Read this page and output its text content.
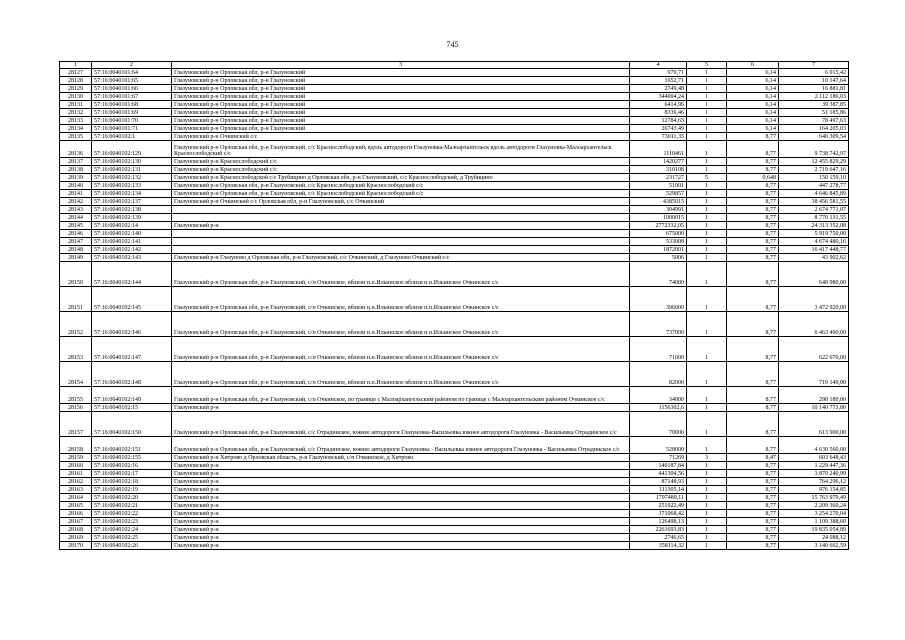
745
1	2	3	4	5	6	7
28127	57:16:0040101:64	Глазуновский р-н Орловская обл, р-н Глазуновский	979,71	1	6,14	6 015,42
28128	57:16:0040101:65	Глазуновский р-н Орловская обл, р-н Глазуновский	1652,71	1	6,14	10 147,64
28129	57:16:0040101:66	Глазуновский р-н Орловская обл, р-н Глазуновский	2749,48	1	6,14	16 881,81
28130	57:16:0040101:67	Глазуновский р-н Орловская обл, р-н Глазуновский	344004,24	1	6,14	2 112 186,03
28131	57:16:0040101:68	Глазуновский р-н Орловская обл, р-н Глазуновский	6414,96	1	6,14	39 387,85
28132	57:16:0040101:69	Глазуновский р-н Орловская обл, р-н Глазуновский	8336,46	1	6,14	51 185,86
28133	57:16:0040101:70	Глазуновский р-н Орловская обл, р-н Глазуновский	12784,63	1	6,14	78 497,63
28134	57:16:0040101:71	Глазуновский р-н Орловская обл, р-н Глазуновский	26743,49	1	6,14	164 205,03
28135	57:16:0040102:1	Глазуновский р-н Очкинский с/с	73011,35	1	8,77	640 309,54
28136	57:16:0040102:129	Глазуновский р-н Орловская обл, р-н Глазуновский, с/с Краснослободский, вдоль автодороги Глазуновка-Малоархангельск вдоль автодороги Глазуновка-Малоархангельск Краснослободский с/с	1110461	1	8,77	9 738 742,97
28137	57:16:0040102:130	Глазуновский р-н Краснослободский с/с	1420277	1	8,77	12 455 829,29
28138	57:16:0040102:131	Глазуновский р-н Краснослободский с/с	310108	1	8,77	2 719 647,16
28139	57:16:0040102:132	Глазуновский р-н Краснослободской с/с Трубицино д Орловская обл, р-н Глазуновский, с/с Краснослободский, д Трубицино	231727	5	0,648	150 159,10
28140	57:16:0040102:133	Глазуновский р-н Орловская обл, р-н Глазуновский, с/с Краснослободский Краснослободский с/с	51001	1	8,77	447 278,77
28141	57:16:0040102:134	Глазуновский р-н Орловская обл, р-н Глазуновский, с/с Краснослободский Краснослободский с/с	529857	1	8,77	4 646 845,89
28142	57:16:0040102:137	Глазуновский р-н Очкинский с/с Орловская обл, р-н Глазуновский, с/с Очкинский	4385015	1	8,77	38 456 581,55
28143	57:16:0040102:138		304991	1	8,77	2 674 771,07
28144	57:16:0040102:139		1000015	1	8,77	8 770 131,55
28145	57:16:0040102:14	Глазуновский р-н	2772332,05	1	8,77	24 313 352,08
28146	57:16:0040102:140		675000	1	8,77	5 919 750,00
28147	57:16:0040102:141		533008	1	8,77	4 674 480,16
28148	57:16:0040102:142		1872001	1	8,77	16 417 448,77
28149	57:16:0040102:143	Глазуновский р-н Глазуново д Орловская обл, р-н Глазуновский, с/с Очкинский, д Глазуново Очкинский с/с	5006	1	8,77	43 902,62
28150	57:16:0040102:144	Глазуновский р-н Орловская обл, р-н Глазуновский, с/п Очкинское, вблизи н.п.Ильинское вблизи н.п.Ильинское Очкинское с/с	74000	1	8,77	648 980,00
28151	57:16:0040102:145	Глазуновский р-н Орловская обл, р-н Глазуновский, с/п Очкинское, вблизи н.п.Ильинское вблизи н.п.Ильинское Очкинское с/с	396000	1	8,77	3 472 920,00
28152	57:16:0040102:146	Глазуновский р-н Орловская обл, р-н Глазуновский, с/п Очкинское, вблизи н.п.Ильинское вблизи н.п.Ильинское Очкинское с/с	737000	1	8,77	6 463 490,00
28153	57:16:0040102:147	Глазуновский р-н Орловская обл, р-н Глазуновский, с/п Очкинское, вблизи н.п.Ильинское вблизи н.п.Ильинское Очкинское с/с	71000	1	8,77	622 670,00
28154	57:16:0040102:148	Глазуновский р-н Орловская обл, р-н Глазуновский, с/п Очкинское, вблизи н.п.Ильинское вблизи н.п.Ильинское Очкинское с/с	82000	1	8,77	719 140,00
28155	57:16:0040102:149	Глазуновский р-н Орловская обл, р-н Глазуновский, с/п Очкинское, по границе с Малоархангельским районом по границе с Малоархангельским районом Очкинское с/с	34000	1	8,77	298 180,00
28156	57:16:0040102:15	Глазуновский р-н	1156302,6	1	8,77	10 140 773,80
28157	57:16:0040102:150	Глазуновский р-н Орловская обл, р-н Глазуновский, с/с Отрадинское, южнее автодороги Глазуновка-Васильевка южнее автодороги Глазуновка - Васильевка Отрадинское с/с	70000	1	8,77	613 900,00
28158	57:16:0040102:151	Глазуновский р-н Орловская обл, р-н Глазуновский, с/с Отрадинское, южнее автодороги Глазуновка - Васильевка южнее автодороги Глазуновка - Васильевка Отрадинское с/с	528000	1	8,77	4 630 560,00
28159	57:16:0040102:155	Глазуновский р-н Хитрово д Орловская область, р-н Глазуновский, с/п Очкинское, д Хитрово	71269	3	8,47	603 648,43
28160	57:16:0040102:16	Глазуновский р-н	140187,84	1	8,77	1 229 447,36
28161	57:16:0040102:17	Глазуновский р-н	441304,56	1	8,77	3 870 240,99
28162	57:16:0040102:18	Глазуновский р-н	87148,93	1	8,77	764 296,12
28163	57:16:0040102:19	Глазуновский р-н	111305,14	1	8,77	976 154,85
28164	57:16:0040102:20	Глазуновский р-н	1797489,11	1	8,77	15 763 979,49
28165	57:16:0040102:21	Глазуновский р-н	251922,49	1	8,77	2 209 360,24
28166	57:16:0040102:22	Глазуновский р-н	371068,42	1	8,77	3 254 270,04
28167	57:16:0040102:23	Глазуновский р-н	126498,13	1	8,77	1 109 388,60
28168	57:16:0040102:24	Глазуновский р-н	2261693,83	1	8,77	19 835 054,89
28169	57:16:0040102:25	Глазуновский р-н	2746,65	1	8,77	24 088,12
28170	57:16:0040102:26	Глазуновский р-н	358114,32	1	8,77	3 140 662,59
